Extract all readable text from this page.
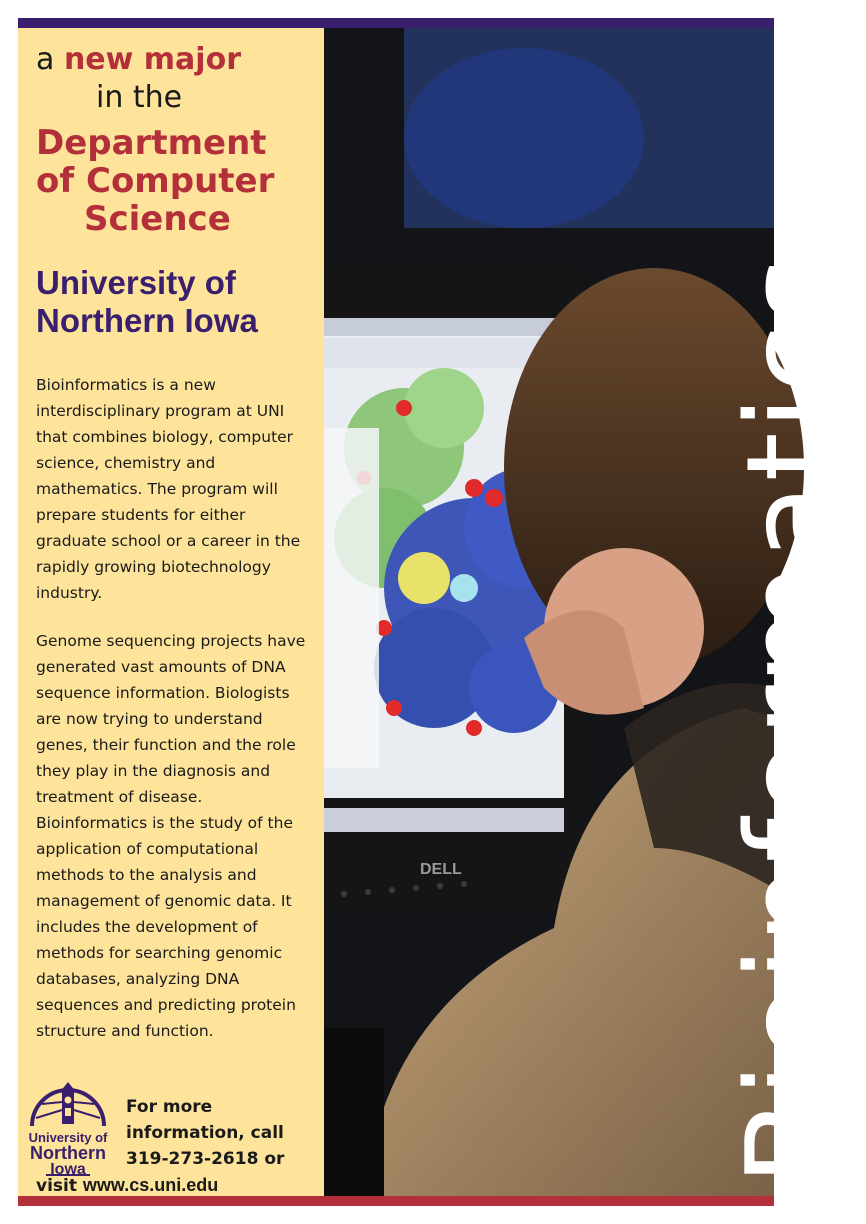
a new major

in the

Department

of Computer

Science

University of

Northern Iowa

Bioinformatics is a new interdisciplinary program at UNI that combines biology, computer science, chemistry and mathematics. The program will prepare students for either graduate school or a career in the rapidly growing biotechnology industry.

Genome sequencing projects have generated vast amounts of DNA sequence information. Biologists are now trying to understand genes, their function and the role they play in the diagnosis and treatment of disease. Bioinformatics is the study of the application of computational methods to the analysis and management of genomic data. It includes the development of methods for searching genomic databases, analyzing DNA sequences and predicting protein structure and function.

University of
Northern
Iowa
For more information, call 319-273-2618 or
visit www.cs.uni.edu
DELL Bioinformatics
